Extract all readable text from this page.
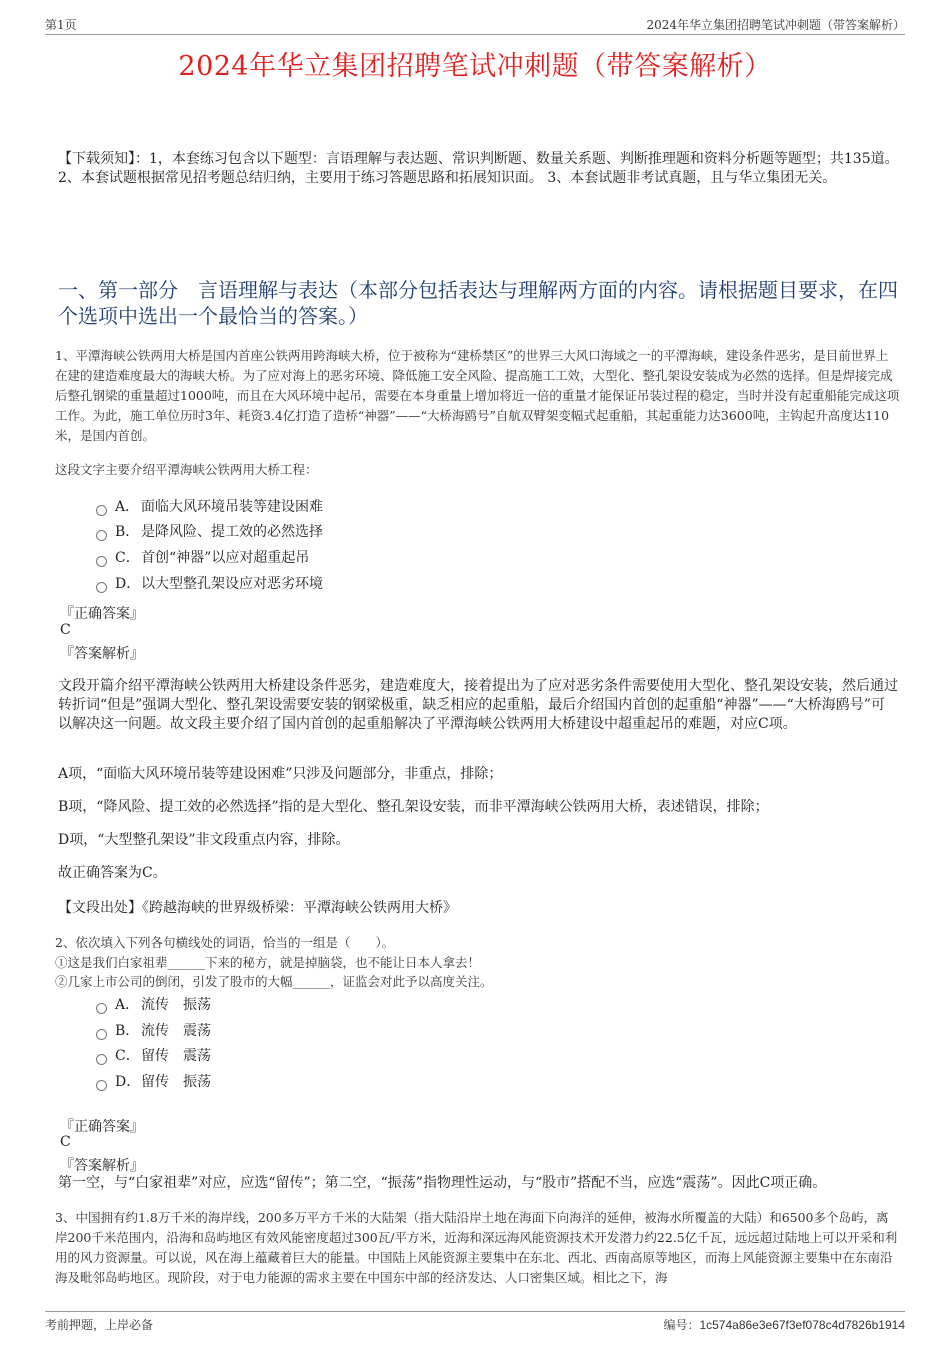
第1页	2024年华立集团招聘笔试冲刺题（带答案解析）
2024年华立集团招聘笔试冲刺题（带答案解析）
【下载须知】：1，本套练习包含以下题型：言语理解与表达题、常识判断题、数量关系题、判断推理题和资料分析题等题型；共135道。 2、本套试题根据常见招考题总结归纳，主要用于练习答题思路和拓展知识面。 3、本套试题非考试真题，且与华立集团无关。
一、第一部分　言语理解与表达（本部分包括表达与理解两方面的内容。请根据题目要求，在四个选项中选出一个最恰当的答案。）
1、平潭海峡公铁两用大桥是国内首座公铁两用跨海峡大桥，位于被称为“建桥禁区”的世界三大风口海域之一的平潭海峡，建设条件恶劣，是目前世界上在建的建造难度最大的海峡大桥。为了应对海上的恶劣环境、降低施工安全风险、提高施工工效，大型化、整孔架设安装成为必然的选择。但是焊接完成后整孔钢梁的重量超过1000吨，而且在大风环境中起吊，需要在本身重量上增加将近一倍的重量才能保证吊装过程的稳定，当时并没有起重船能完成这项工作。为此，施工单位历时3年、耗资3.4亿打造了造桥“神器”——“大桥海鸥号”自航双臂架变幅式起重船，其起重能力达3600吨，主钩起升高度达110米，是国内首创。
这段文字主要介绍平潭海峡公铁两用大桥工程：
A． 面临大风环境吊装等建设困难
B． 是降风险、提工效的必然选择
C．首创“神器”以应对超重起吊
D．以大型整孔架设应对恶劣环境
『正确答案』
C
『答案解析』
文段开篇介绍平潭海峡公铁两用大桥建设条件恶劣，建造难度大，接着提出为了应对恶劣条件需要使用大型化、整孔架设安装，然后通过转折词“但是”强调大型化、整孔架设需要安装的钢梁极重，缺乏相应的起重船，最后介绍国内首创的起重船“神器”——“大桥海鸥号”可以解决这一问题。故文段主要介绍了国内首创的起重船解决了平潭海峡公铁两用大桥建设中超重起吊的难题，对应C项。
A项，“面临大风环境吊装等建设困难”只涉及问题部分，非重点，排除；
B项，“降风险、提工效的必然选择”指的是大型化、整孔架设安装，而非平潭海峡公铁两用大桥，表述错误，排除；
D项，“大型整孔架设”非文段重点内容，排除。
故正确答案为C。
【文段出处】《跨越海峡的世界级桥梁：平潭海峡公铁两用大桥》
2、依次填入下列各句横线处的词语，恰当的一组是（　　）。
①这是我们白家祖辈______下来的秘方，就是掉脑袋，也不能让日本人拿去！
②几家上市公司的倒闭，引发了股市的大幅______，证监会对此予以高度关注。
A． 流传　振荡
B． 流传　震荡
C．留传　震荡
D．留传　振荡
『正确答案』
C
『答案解析』
第一空，与“白家祖辈”对应，应选“留传”；第二空，“振荡”指物理性运动，与“股市”搭配不当，应选“震荡”。因此C项正确。
3、中国拥有约1.8万千米的海岸线，200多万平方千米的大陆架（指大陆沿岸土地在海面下向海洋的延伸，被海水所覆盖的大陆）和6500多个岛屿，离岸200千米范围内，沿海和岛屿地区有效风能密度超过300瓦/平方米，近海和深远海风能资源技术开发潜力约22.5亿千瓦，远远超过陆地上可以开采和利用的风力资源量。可以说，风在海上蕴藏着巨大的能量。中国陆上风能资源主要集中在东北、西北、西南高原等地区，而海上风能资源主要集中在东南沿海及毗邻岛屿地区。现阶段，对于电力能源的需求主要在中国东中部的经济发达、人口密集区域。相比之下，海
考前押题，上岸必备	编号：1c574a86e3e67f3ef078c4d7826b1914
